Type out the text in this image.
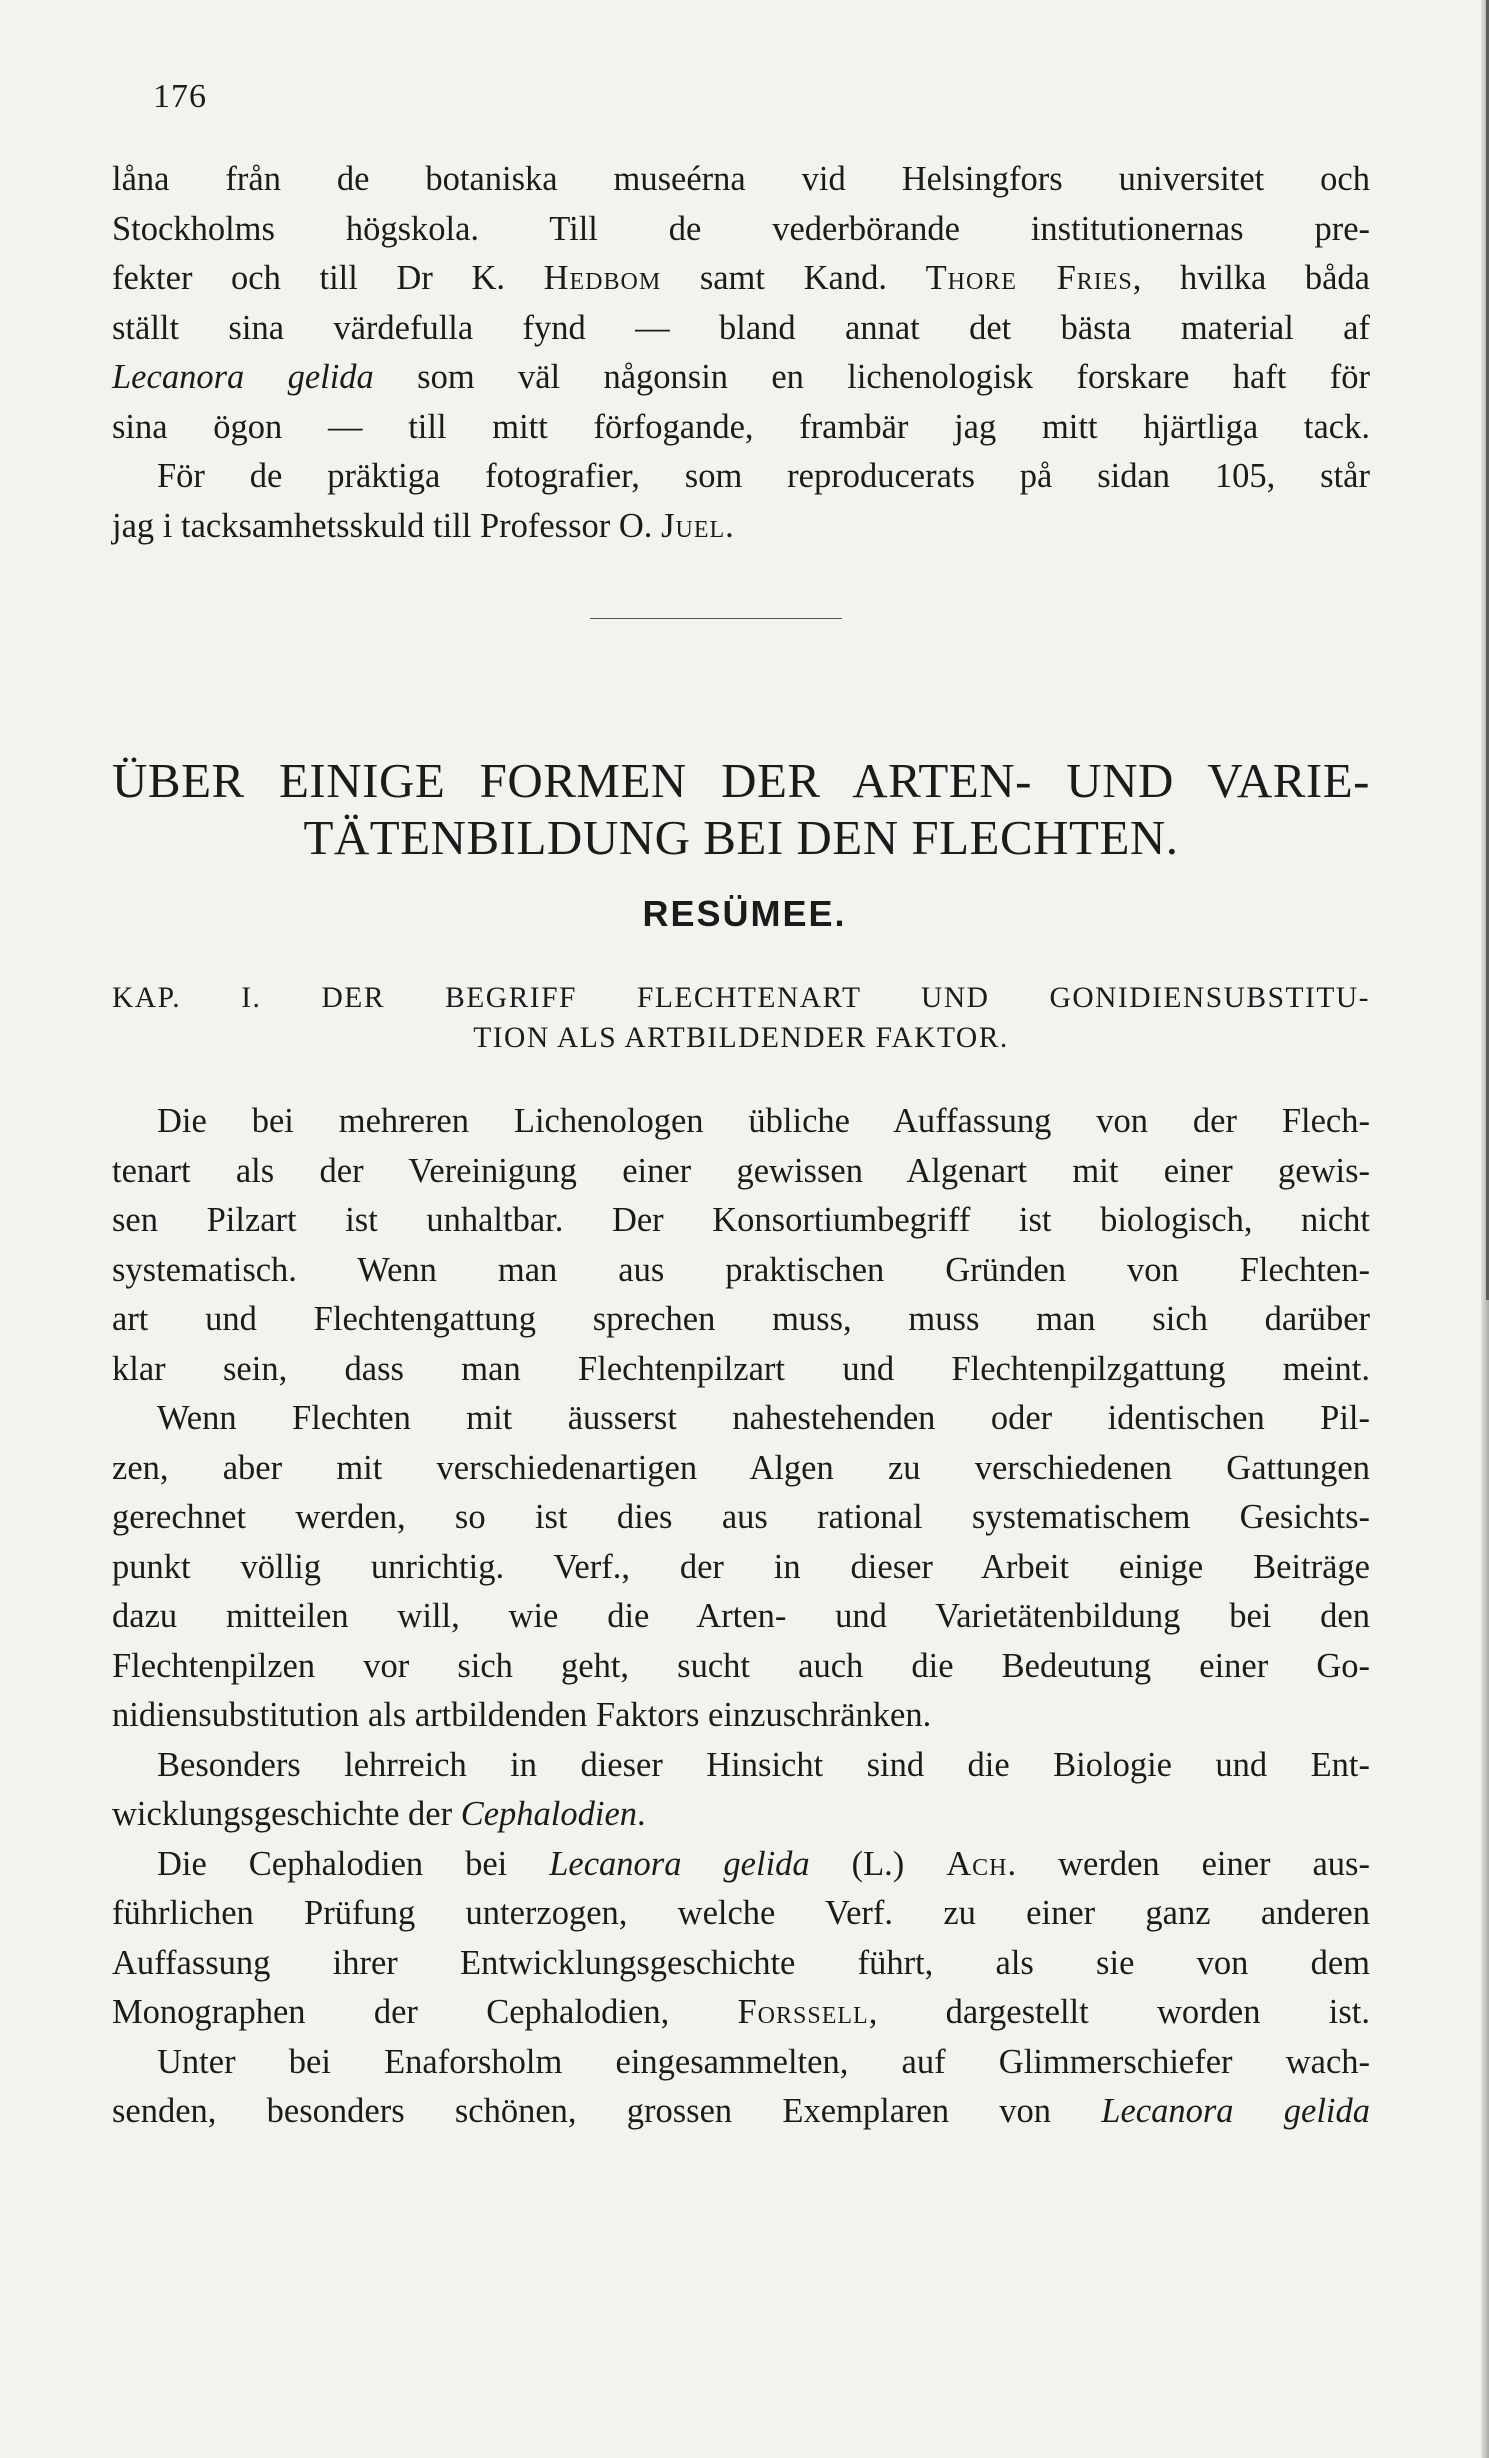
176
låna från de botaniska museérna vid Helsingfors universitet och
Stockholms högskola. Till de vederbörande institutionernas pre-
fekter och till Dr K. Hedbom samt Kand. Thore Fries, hvilka båda
ställt sina värdefulla fynd — bland annat det bästa material af
Lecanora gelida som väl någonsin en lichenologisk forskare haft för
sina ögon — till mitt förfogande, frambär jag mitt hjärtliga tack.
För de präktiga fotografier, som reproducerats på sidan 105, står
jag i tacksamhetsskuld till Professor O. Juel.
ÜBER EINIGE FORMEN DER ARTEN- UND VARIE-
TÄTENBILDUNG BEI DEN FLECHTEN.
RESÜMEE.
KAP. I. DER BEGRIFF FLECHTENART UND GONIDIENSUBSTITU-
TION ALS ARTBILDENDER FAKTOR.
Die bei mehreren Lichenologen übliche Auffassung von der Flech-
tenart als der Vereinigung einer gewissen Algenart mit einer gewis-
sen Pilzart ist unhaltbar. Der Konsortiumbegriff ist biologisch, nicht
systematisch. Wenn man aus praktischen Gründen von Flechten-
art und Flechtengattung sprechen muss, muss man sich darüber
klar sein, dass man Flechtenpilzart und Flechtenpilzgattung meint.
Wenn Flechten mit äusserst nahestehenden oder identischen Pil-
zen, aber mit verschiedenartigen Algen zu verschiedenen Gattungen
gerechnet werden, so ist dies aus rational systematischem Gesichts-
punkt völlig unrichtig. Verf., der in dieser Arbeit einige Beiträge
dazu mitteilen will, wie die Arten- und Varietätenbildung bei den
Flechtenpilzen vor sich geht, sucht auch die Bedeutung einer Go-
nidiensubstitution als artbildenden Faktors einzuschränken.
Besonders lehrreich in dieser Hinsicht sind die Biologie und Ent-
wicklungsgeschichte der Cephalodien.
Die Cephalodien bei Lecanora gelida (L.) Ach. werden einer aus-
führlichen Prüfung unterzogen, welche Verf. zu einer ganz anderen
Auffassung ihrer Entwicklungsgeschichte führt, als sie von dem
Monographen der Cephalodien, Forssell, dargestellt worden ist.
Unter bei Enaforsholm eingesammelten, auf Glimmerschiefer wach-
senden, besonders schönen, grossen Exemplaren von Lecanora gelida
